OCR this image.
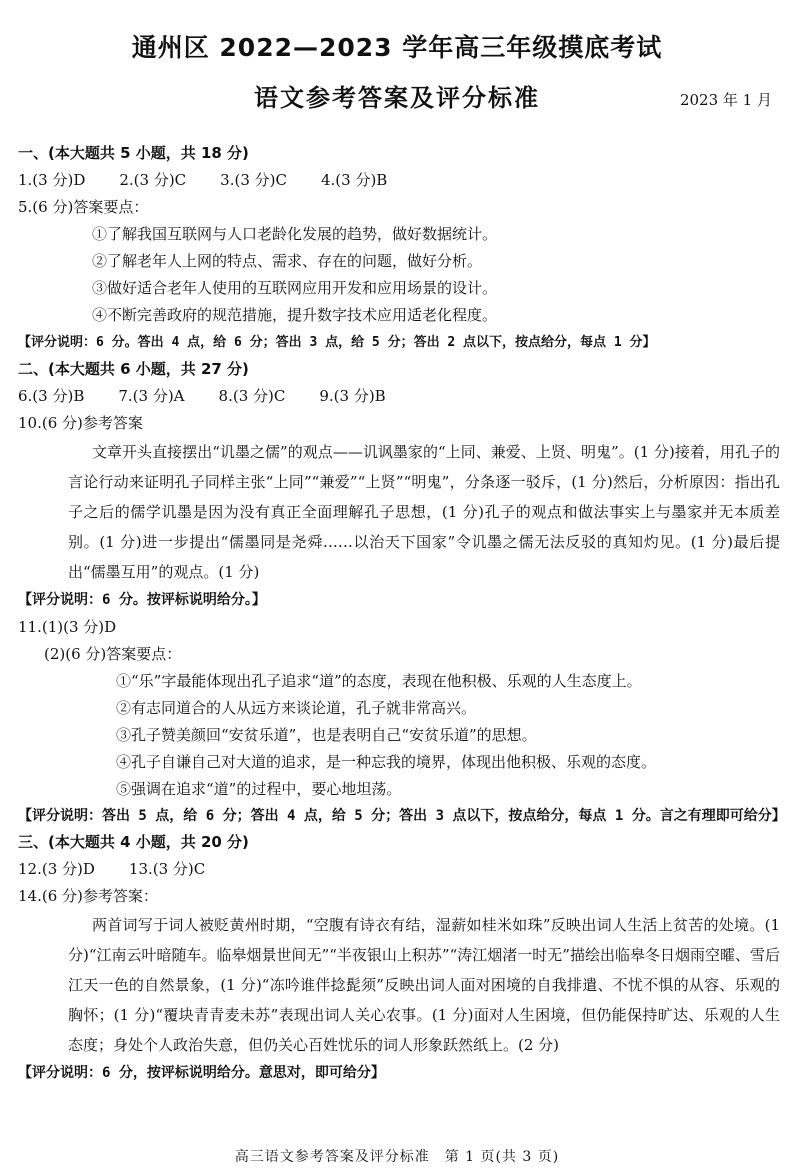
通州区 2022—2023 学年高三年级摸底考试
语文参考答案及评分标准	2023 年 1 月
一、(本大题共 5 小题，共 18 分)
1.(3 分)D 2.(3 分)C 3.(3 分)C 4.(3 分)B
5.(6 分)答案要点：
①了解我国互联网与人口老龄化发展的趋势，做好数据统计。
②了解老年人上网的特点、需求、存在的问题，做好分析。
③做好适合老年人使用的互联网应用开发和应用场景的设计。
④不断完善政府的规范措施，提升数字技术应用适老化程度。
【评分说明：6 分。答出 4 点，给 6 分；答出 3 点，给 5 分；答出 2 点以下，按点给分，每点 1 分】
二、(本大题共 6 小题，共 27 分)
6.(3 分)B 7.(3 分)A 8.(3 分)C 9.(3 分)B
10.(6 分)参考答案
文章开头直接摆出“讥墨之儒”的观点——讥讽墨家的“上同、兼爱、上贤、明鬼”。(1 分)接着，用孔子的言论行动来证明孔子同样主张“上同”“兼爱”“上贤”“明鬼”，分条逐一驳斥，(1 分)然后，分析原因：指出孔子之后的儒学讥墨是因为没有真正全面理解孔子思想，(1 分)孔子的观点和做法事实上与墨家并无本质差别。(1 分)进一步提出“儒墨同是尧舜……以治天下国家”令讥墨之儒无法反驳的真知灼见。(1 分)最后提出“儒墨互用”的观点。(1 分)
【评分说明：6 分。按评标说明给分。】
11.(1)(3 分)D
(2)(6 分)答案要点：
①“乐”字最能体现出孔子追求“道”的态度，表现在他积极、乐观的人生态度上。
②有志同道合的人从远方来谈论道，孔子就非常高兴。
③孔子赞美颜回“安贫乐道”，也是表明自己“安贫乐道”的思想。
④孔子自谦自己对大道的追求，是一种忘我的境界，体现出他积极、乐观的态度。
⑤强调在追求“道”的过程中，要心地坦荡。
【评分说明：答出 5 点，给 6 分；答出 4 点，给 5 分；答出 3 点以下，按点给分，每点 1 分。言之有理即可给分】
三、(本大题共 4 小题，共 20 分)
12.(3 分)D 13.(3 分)C
14.(6 分)参考答案：
两首词写于词人被贬黄州时期，“空腹有诗衣有结，湿薪如桂米如珠”反映出词人生活上贫苦的处境。(1 分)“江南云叶暗随车。临皋烟景世间无”“半夜银山上积苏”“涛江烟渚一时无”描绘出临皋冬日烟雨空曤、雪后江天一色的自然景象，(1 分)“冻吟谁伴捻髭须”反映出词人面对困境的自我排遣、不忧不惧的从容、乐观的胸怀；(1 分)“覆块青青麦未苏”表现出词人关心农事。(1 分)面对人生困境，但仍能保持旷达、乐观的人生态度；身处个人政治失意，但仍关心百姓忧乐的词人形象跃然纸上。(2 分)
【评分说明：6 分，按评标说明给分。意思对，即可给分】
高三语文参考答案及评分标准　第 1 页(共 3 页)
